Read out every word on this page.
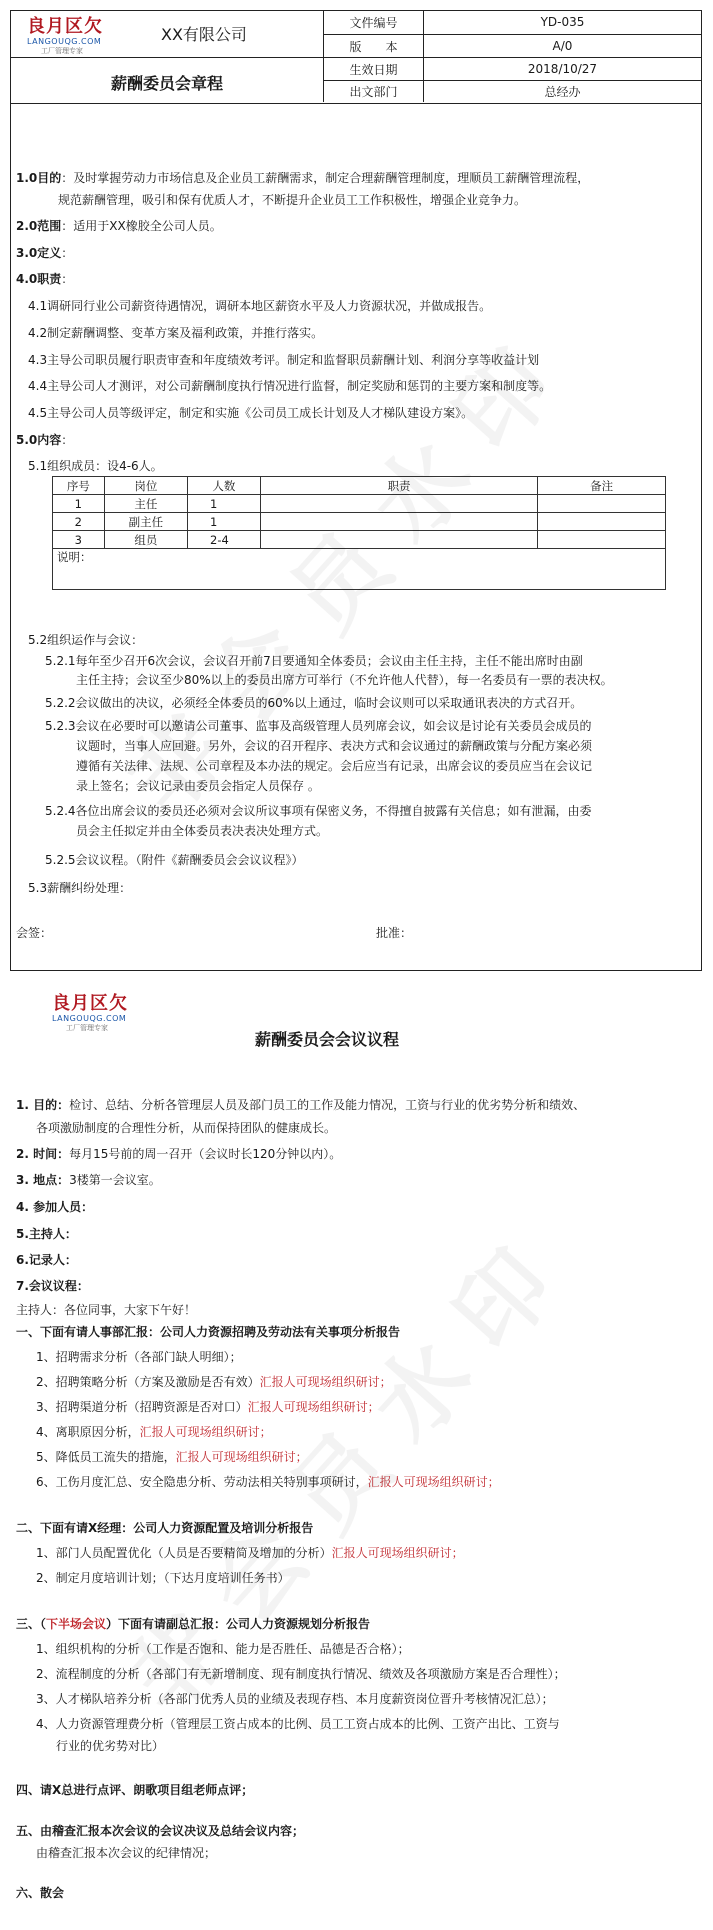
良月区欠
LANGOUQG.COM
工厂管理专家
XX有限公司
薪酬委员会章程
文件编号	YD-035
版　　本	A/0
生效日期	2018/10/27
出文部门	总经办
1.0目的：及时掌握劳动力市场信息及企业员工薪酬需求，制定合理薪酬管理制度，理顺员工薪酬管理流程，
规范薪酬管理，吸引和保有优质人才，不断提升企业员工工作积极性，增强企业竞争力。
2.0范围：适用于XX橡胶全公司人员。
3.0定义：
4.0职责：
4.1调研同行业公司薪资待遇情况，调研本地区薪资水平及人力资源状况，并做成报告。
4.2制定薪酬调整、变革方案及福利政策，并推行落实。
4.3主导公司职员履行职责审查和年度绩效考评。制定和监督职员薪酬计划、利润分享等收益计划
4.4主导公司人才测评，对公司薪酬制度执行情况进行监督，制定奖励和惩罚的主要方案和制度等。
4.5主导公司人员等级评定，制定和实施《公司员工成长计划及人才梯队建设方案》。
5.0内容：
5.1组织成员：设4-6人。
序号	岗位	人数	职责	备注
1	主任	1		
2	副主任	1		
3	组员	2-4		
说明：				
5.2组织运作与会议：
5.2.1每年至少召开6次会议，会议召开前7日要通知全体委员；会议由主任主持，主任不能出席时由副
主任主持；会议至少80%以上的委员出席方可举行（不允许他人代替），每一名委员有一票的表决权。
5.2.2会议做出的决议，必须经全体委员的60%以上通过，临时会议则可以采取通讯表决的方式召开。
5.2.3会议在必要时可以邀请公司董事、监事及高级管理人员列席会议，如会议是讨论有关委员会成员的
议题时，当事人应回避。另外，会议的召开程序、表决方式和会议通过的薪酬政策与分配方案必须
遵循有关法律、法规、公司章程及本办法的规定。会后应当有记录，出席会议的委员应当在会议记
录上签名；会议记录由委员会指定人员保存 。
5.2.4各位出席会议的委员还必须对会议所议事项有保密义务，不得擅自披露有关信息；如有泄漏，由委
员会主任拟定并由全体委员表决表决处理方式。
5.2.5会议议程。（附件《薪酬委员会会议议程》）
5.3薪酬纠纷处理：
会签：	批准：
良月区欠
LANGOUQG.COM
工厂管理专家
薪酬委员会会议议程
1. 目的：检讨、总结、分析各管理层人员及部门员工的工作及能力情况，工资与行业的优劣势分析和绩效、
各项激励制度的合理性分析，从而保持团队的健康成长。
2. 时间：每月15号前的周一召开（会议时长120分钟以内）。
3. 地点：3楼第一会议室。
4. 参加人员：
5.主持人：
6.记录人：
7.会议议程：
主持人：各位同事，大家下午好！
一、下面有请人事部汇报：公司人力资源招聘及劳动法有关事项分析报告
1、招聘需求分析（各部门缺人明细）；
2、招聘策略分析（方案及激励是否有效）汇报人可现场组织研讨；
3、招聘渠道分析（招聘资源是否对口）汇报人可现场组织研讨；
4、离职原因分析，汇报人可现场组织研讨；
5、降低员工流失的措施，汇报人可现场组织研讨；
6、工伤月度汇总、安全隐患分析、劳动法相关特别事项研讨，汇报人可现场组织研讨；
二、下面有请X经理：公司人力资源配置及培训分析报告
1、部门人员配置优化（人员是否要精简及增加的分析）汇报人可现场组织研讨；
2、制定月度培训计划；（下达月度培训任务书）
三、（下半场会议）下面有请副总汇报：公司人力资源规划分析报告
1、组织机构的分析（工作是否饱和、能力是否胜任、品德是否合格）；
2、流程制度的分析（各部门有无新增制度、现有制度执行情况、绩效及各项激励方案是否合理性）；
3、人才梯队培养分析（各部门优秀人员的业绩及表现存档、本月度薪资岗位晋升考核情况汇总）；
4、人力资源管理费分析（管理层工资占成本的比例、员工工资占成本的比例、工资产出比、工资与
行业的优劣势对比）
四、请X总进行点评、朗歌项目组老师点评；
五、由稽查汇报本次会议的会议决议及总结会议内容；
由稽查汇报本次会议的纪律情况；
六、散会
